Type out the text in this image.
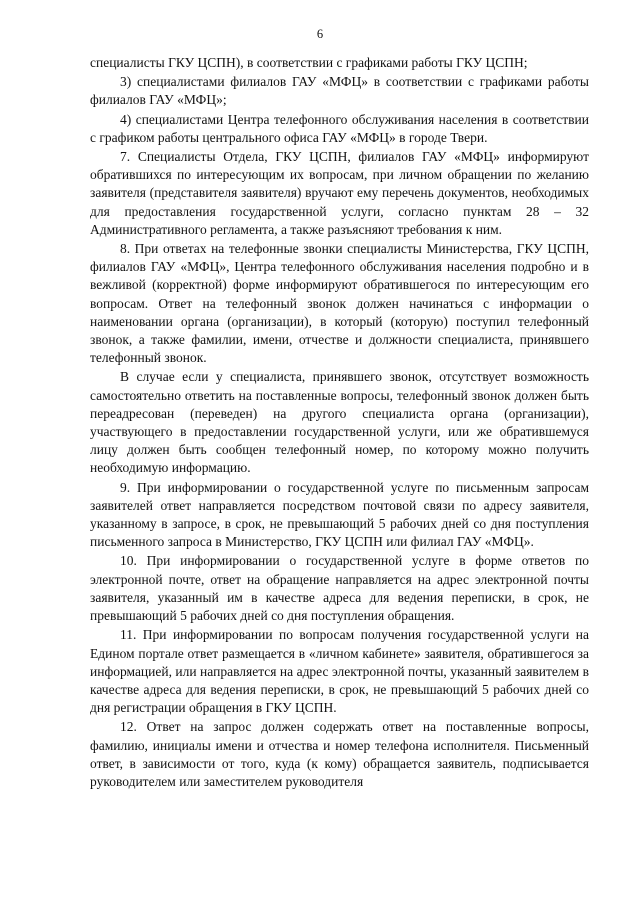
6

специалисты ГКУ ЦСПН), в соответствии с графиками работы ГКУ ЦСПН;

3) специалистами филиалов ГАУ «МФЦ» в соответствии с графиками работы филиалов ГАУ «МФЦ»;

4) специалистами Центра телефонного обслуживания населения в соответствии с графиком работы центрального офиса ГАУ «МФЦ» в городе Твери.

7. Специалисты Отдела, ГКУ ЦСПН, филиалов ГАУ «МФЦ» информируют обратившихся по интересующим их вопросам, при личном обращении по желанию заявителя (представителя заявителя) вручают ему перечень документов, необходимых для предоставления государственной услуги, согласно пунктам 28 – 32 Административного регламента, а также разъясняют требования к ним.

8. При ответах на телефонные звонки специалисты Министерства, ГКУ ЦСПН, филиалов ГАУ «МФЦ», Центра телефонного обслуживания населения подробно и в вежливой (корректной) форме информируют обратившегося по интересующим его вопросам. Ответ на телефонный звонок должен начинаться с информации о наименовании органа (организации), в который (которую) поступил телефонный звонок, а также фамилии, имени, отчестве и должности специалиста, принявшего телефонный звонок.

В случае если у специалиста, принявшего звонок, отсутствует возможность самостоятельно ответить на поставленные вопросы, телефонный звонок должен быть переадресован (переведен) на другого специалиста органа (организации), участвующего в предоставлении государственной услуги, или же обратившемуся лицу должен быть сообщен телефонный номер, по которому можно получить необходимую информацию.

9. При информировании о государственной услуге по письменным запросам заявителей ответ направляется посредством почтовой связи по адресу заявителя, указанному в запросе, в срок, не превышающий 5 рабочих дней со дня поступления письменного запроса в Министерство, ГКУ ЦСПН или филиал ГАУ «МФЦ».

10. При информировании о государственной услуге в форме ответов по электронной почте, ответ на обращение направляется на адрес электронной почты заявителя, указанный им в качестве адреса для ведения переписки, в срок, не превышающий 5 рабочих дней со дня поступления обращения.

11. При информировании по вопросам получения государственной услуги на Едином портале ответ размещается в «личном кабинете» заявителя, обратившегося за информацией, или направляется на адрес электронной почты, указанный заявителем в качестве адреса для ведения переписки, в срок, не превышающий 5 рабочих дней со дня регистрации обращения в ГКУ ЦСПН.

12. Ответ на запрос должен содержать ответ на поставленные вопросы, фамилию, инициалы имени и отчества и номер телефона исполнителя. Письменный ответ, в зависимости от того, куда (к кому) обращается заявитель, подписывается руководителем или заместителем руководителя
